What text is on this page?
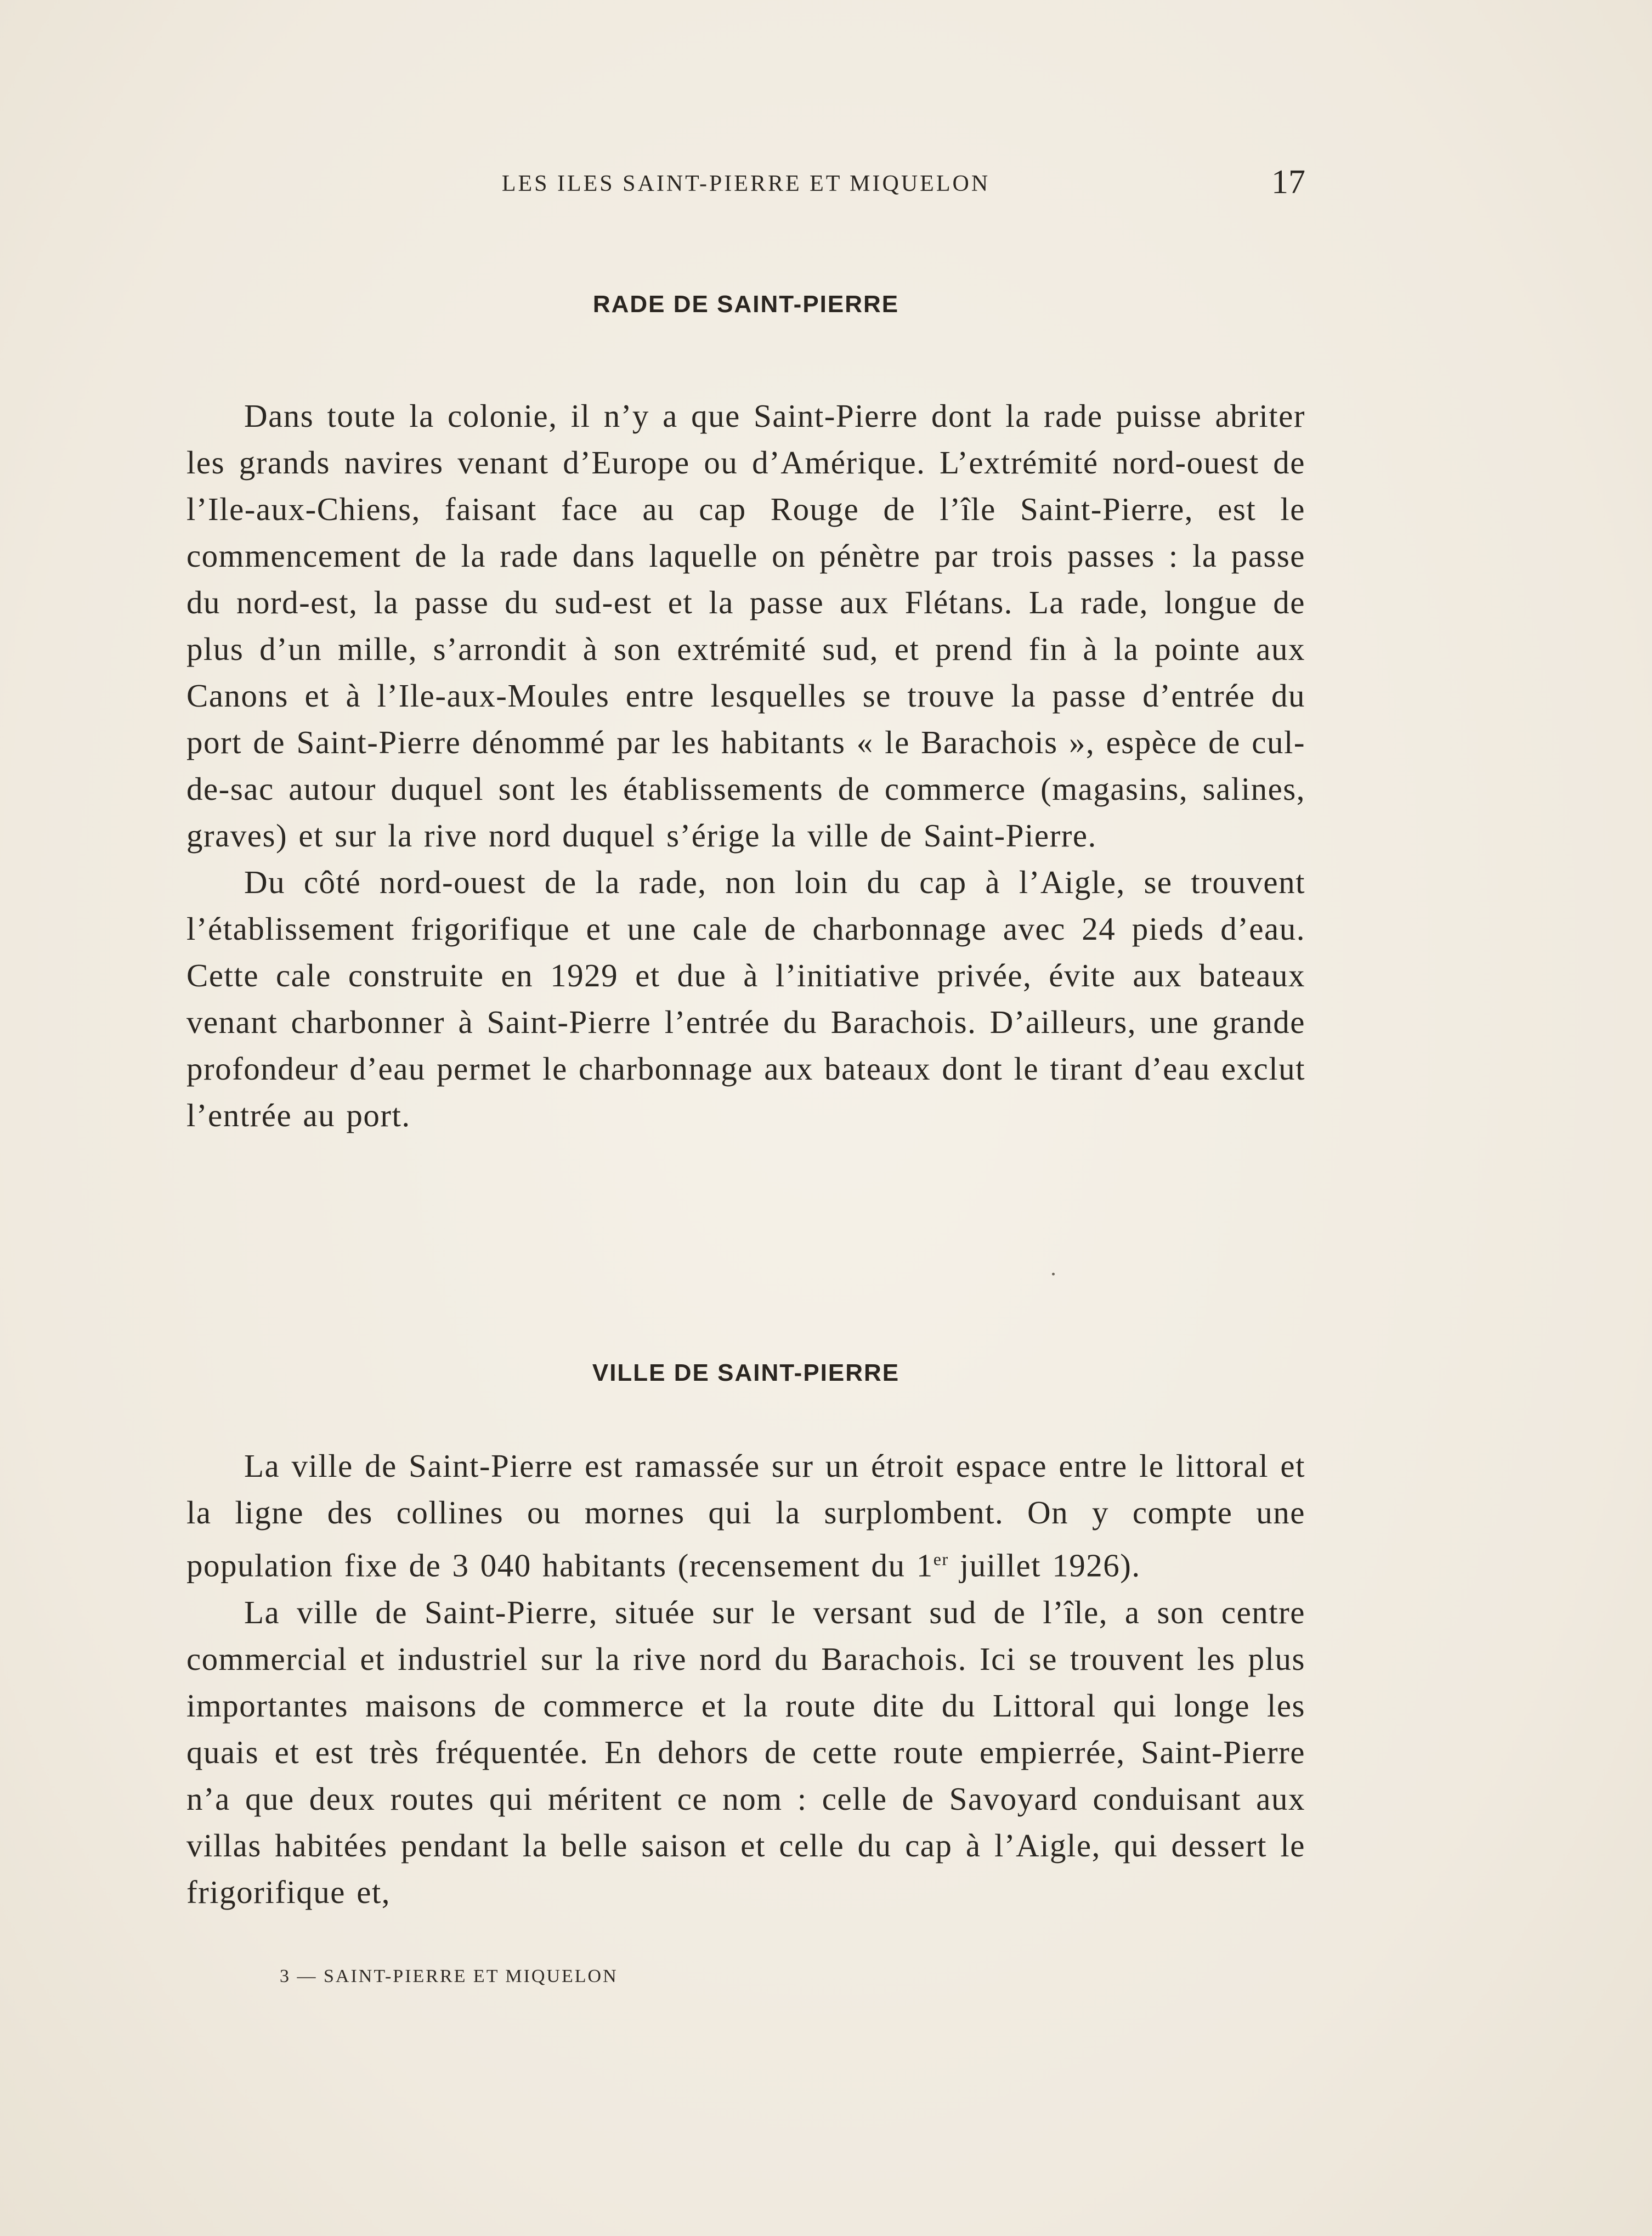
LES ILES SAINT-PIERRE ET MIQUELON	17
RADE DE SAINT-PIERRE

Dans toute la colonie, il n’y a que Saint-Pierre dont la rade puisse abriter les grands navires venant d’Europe ou d’Amérique. L’extrémité nord-ouest de l’Ile-aux-Chiens, faisant face au cap Rouge de l’île Saint-Pierre, est le commencement de la rade dans laquelle on pénètre par trois passes : la passe du nord-est, la passe du sud-est et la passe aux Flétans. La rade, longue de plus d’un mille, s’arrondit à son extrémité sud, et prend fin à la pointe aux Canons et à l’Ile-aux-Moules entre lesquelles se trouve la passe d’entrée du port de Saint-Pierre dénommé par les habitants « le Barachois », espèce de cul-de-sac autour duquel sont les établissements de commerce (magasins, salines, graves) et sur la rive nord duquel s’érige la ville de Saint-Pierre.

Du côté nord-ouest de la rade, non loin du cap à l’Aigle, se trouvent l’établissement frigorifique et une cale de charbonnage avec 24 pieds d’eau. Cette cale construite en 1929 et due à l’initiative privée, évite aux bateaux venant charbonner à Saint-Pierre l’entrée du Barachois. D’ailleurs, une grande profondeur d’eau permet le charbonnage aux bateaux dont le tirant d’eau exclut l’entrée au port.

VILLE DE SAINT-PIERRE

La ville de Saint-Pierre est ramassée sur un étroit espace entre le littoral et la ligne des collines ou mornes qui la surplombent. On y compte une population fixe de 3 040 habitants (recensement du 1er juillet 1926).

La ville de Saint-Pierre, située sur le versant sud de l’île, a son centre commercial et industriel sur la rive nord du Barachois. Ici se trouvent les plus importantes maisons de commerce et la route dite du Littoral qui longe les quais et est très fréquentée. En dehors de cette route empierrée, Saint-Pierre n’a que deux routes qui méritent ce nom : celle de Savoyard conduisant aux villas habitées pendant la belle saison et celle du cap à l’Aigle, qui dessert le frigorifique et,

3 — SAINT-PIERRE ET MIQUELON
